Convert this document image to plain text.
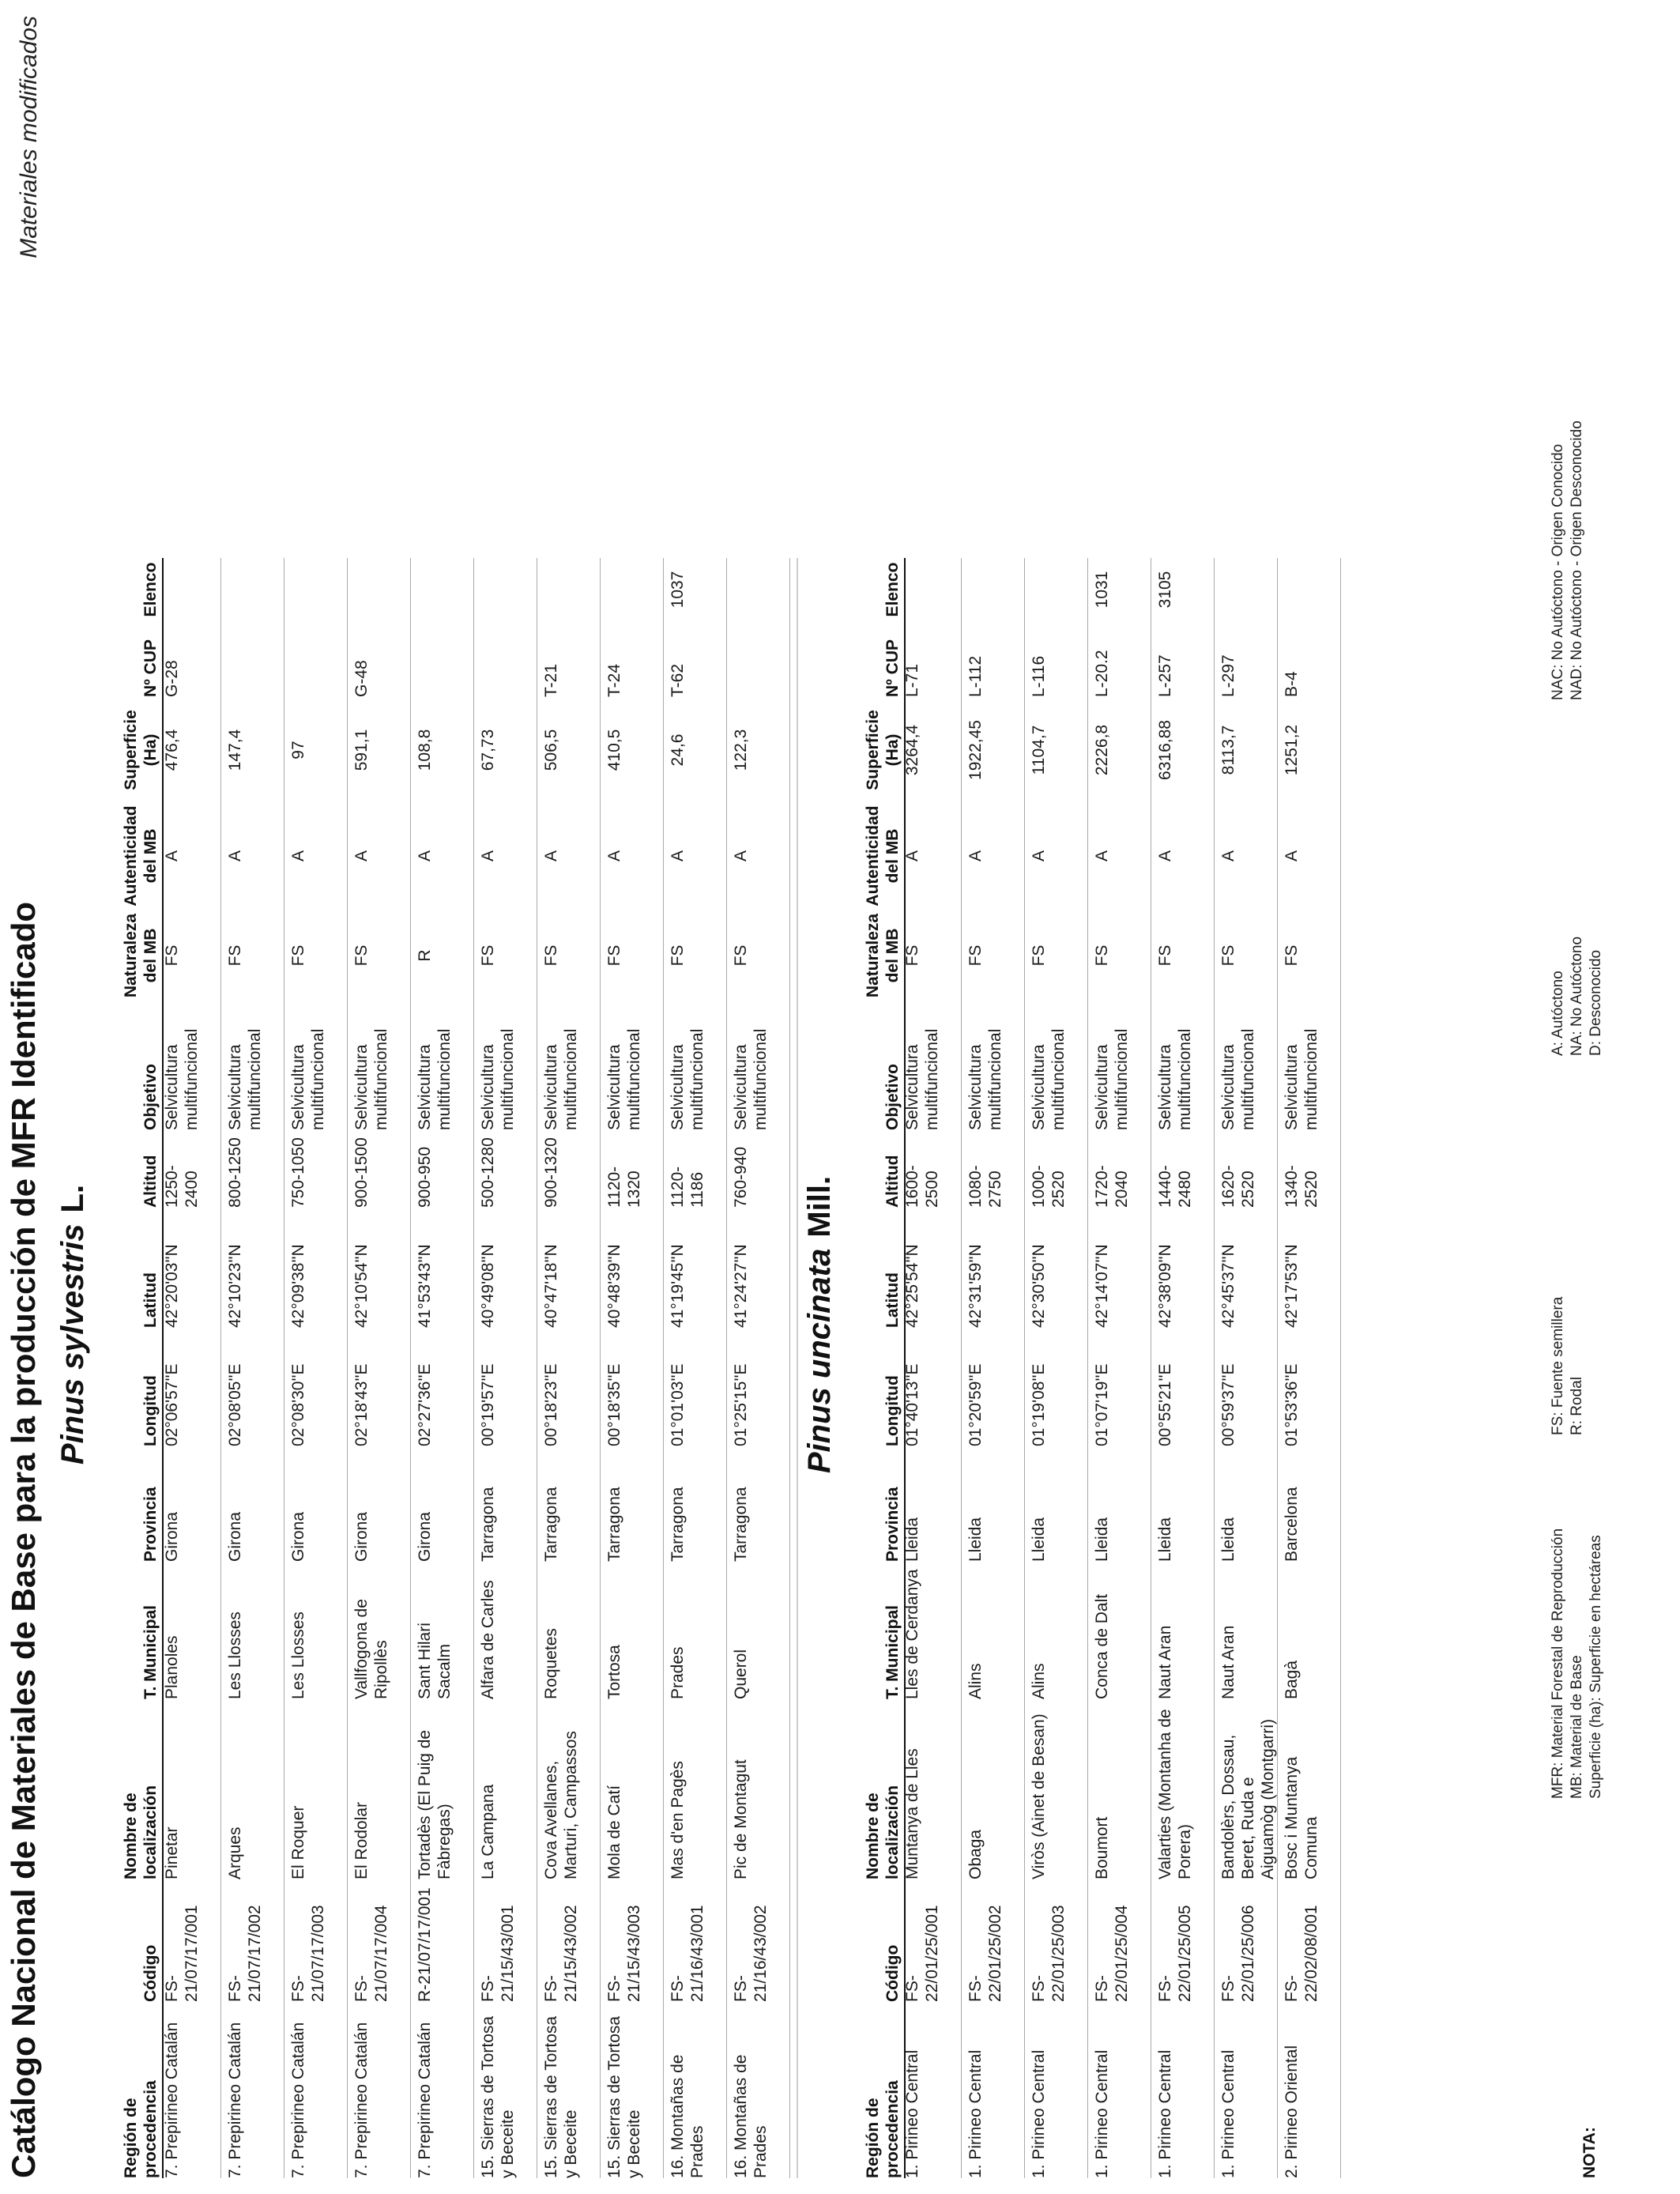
Catálogo Nacional de Materiales de Base para la producción de MFR Identificado
Materiales modificados
Pinus sylvestrisL.
Región de procedencia
Código
Nombre de localización
T. Municipal
Provincia
Longitud
Latitud
Altitud
Objetivo
Naturaleza del MB
Autenticidad del MB
Superficie (Ha)
Nº CUP
Elenco
7. Prepirineo Catalán
FS-21/07/17/001
Pinetar
Planoles
Girona
02°06'57''E
42°20'03''N
1250-2400
Selvicultura multifuncional
FS
A
476,4
G-28
7. Prepirineo Catalán
FS-21/07/17/002
Arques
Les Llosses
Girona
02°08'05''E
42°10'23''N
800-1250
Selvicultura multifuncional
FS
A
147,4
7. Prepirineo Catalán
FS-21/07/17/003
El Roquer
Les Llosses
Girona
02°08'30''E
42°09'38''N
750-1050
Selvicultura multifuncional
FS
A
97
7. Prepirineo Catalán
FS-21/07/17/004
El Rodolar
Vallfogona de Ripollès
Girona
02°18'43''E
42°10'54''N
900-1500
Selvicultura multifuncional
FS
A
591,1
G-48
7. Prepirineo Catalán
R-21/07/17/001
Tortadès (El Puig de Fàbregas)
Sant Hilari Sacalm
Girona
02°27'36''E
41°53'43''N
900-950
Selvicultura multifuncional
R
A
108,8
15. Sierras de Tortosa y Beceite
FS-21/15/43/001
La Campana
Alfara de Carles
Tarragona
00°19'57''E
40°49'08''N
500-1280
Selvicultura multifuncional
FS
A
67,73
15. Sierras de Tortosa y Beceite
FS-21/15/43/002
Cova Avellanes, Marturi, Campassos
Roquetes
Tarragona
00°18'23''E
40°47'18''N
900-1320
Selvicultura multifuncional
FS
A
506,5
T-21
15. Sierras de Tortosa y Beceite
FS-21/15/43/003
Mola de Catí
Tortosa
Tarragona
00°18'35''E
40°48'39''N
1120-1320
Selvicultura multifuncional
FS
A
410,5
T-24
16. Montañas de Prades
FS-21/16/43/001
Mas d'en Pagès
Prades
Tarragona
01°01'03''E
41°19'45''N
1120-1186
Selvicultura multifuncional
FS
A
24,6
T-62
1037
16. Montañas de Prades
FS-21/16/43/002
Pic de Montagut
Querol
Tarragona
01°25'15''E
41°24'27''N
760-940
Selvicultura multifuncional
FS
A
122,3
Pinus uncinataMill.
Región de procedencia
Código
Nombre de localización
T. Municipal
Provincia
Longitud
Latitud
Altitud
Objetivo
Naturaleza del MB
Autenticidad del MB
Superficie (Ha)
Nº CUP
Elenco
1. Pirineo Central
FS-22/01/25/001
Muntanya de Lles
Lles de Cerdanya
Lleida
01°40'13''E
42°25'54''N
1600-2500
Selvicultura multifuncional
FS
A
3264,4
L-71
1. Pirineo Central
FS-22/01/25/002
Obaga
Alins
Lleida
01°20'59''E
42°31'59''N
1080-2750
Selvicultura multifuncional
FS
A
1922,45
L-112
1. Pirineo Central
FS-22/01/25/003
Viròs (Ainet de Besan)
Alins
Lleida
01°19'08''E
42°30'50''N
1000-2520
Selvicultura multifuncional
FS
A
1104,7
L-116
1. Pirineo Central
FS-22/01/25/004
Boumort
Conca de Dalt
Lleida
01°07'19''E
42°14'07''N
1720-2040
Selvicultura multifuncional
FS
A
2226,8
L-20.2
1031
1. Pirineo Central
FS-22/01/25/005
Valarties (Montanha de Porera)
Naut Aran
Lleida
00°55'21''E
42°38'09''N
1440-2480
Selvicultura multifuncional
FS
A
6316,88
L-257
3105
1. Pirineo Central
FS-22/01/25/006
Bandolèrs, Dossau, Beret, Ruda e Aiguamòg (Montgarri)
Naut Aran
Lleida
00°59'37''E
42°45'37''N
1620-2520
Selvicultura multifuncional
FS
A
8113,7
L-297
2. Pirineo Oriental
FS-22/02/08/001
Bosc i Muntanya Comuna
Bagà
Barcelona
01°53'36''E
42°17'53''N
1340-2520
Selvicultura multifuncional
FS
A
1251,2
B-4
NOTA:
MFR: Material Forestal de Reproducción MB: Material de Base Superficie (ha): Superficie en hectáreas
FS: Fuente semillera R: Rodal
A: Autóctono NA: No Autóctono D: Desconocido
NAC: No Autóctono - Origen Conocido NAD: No Autóctono - Origen Desconocido
